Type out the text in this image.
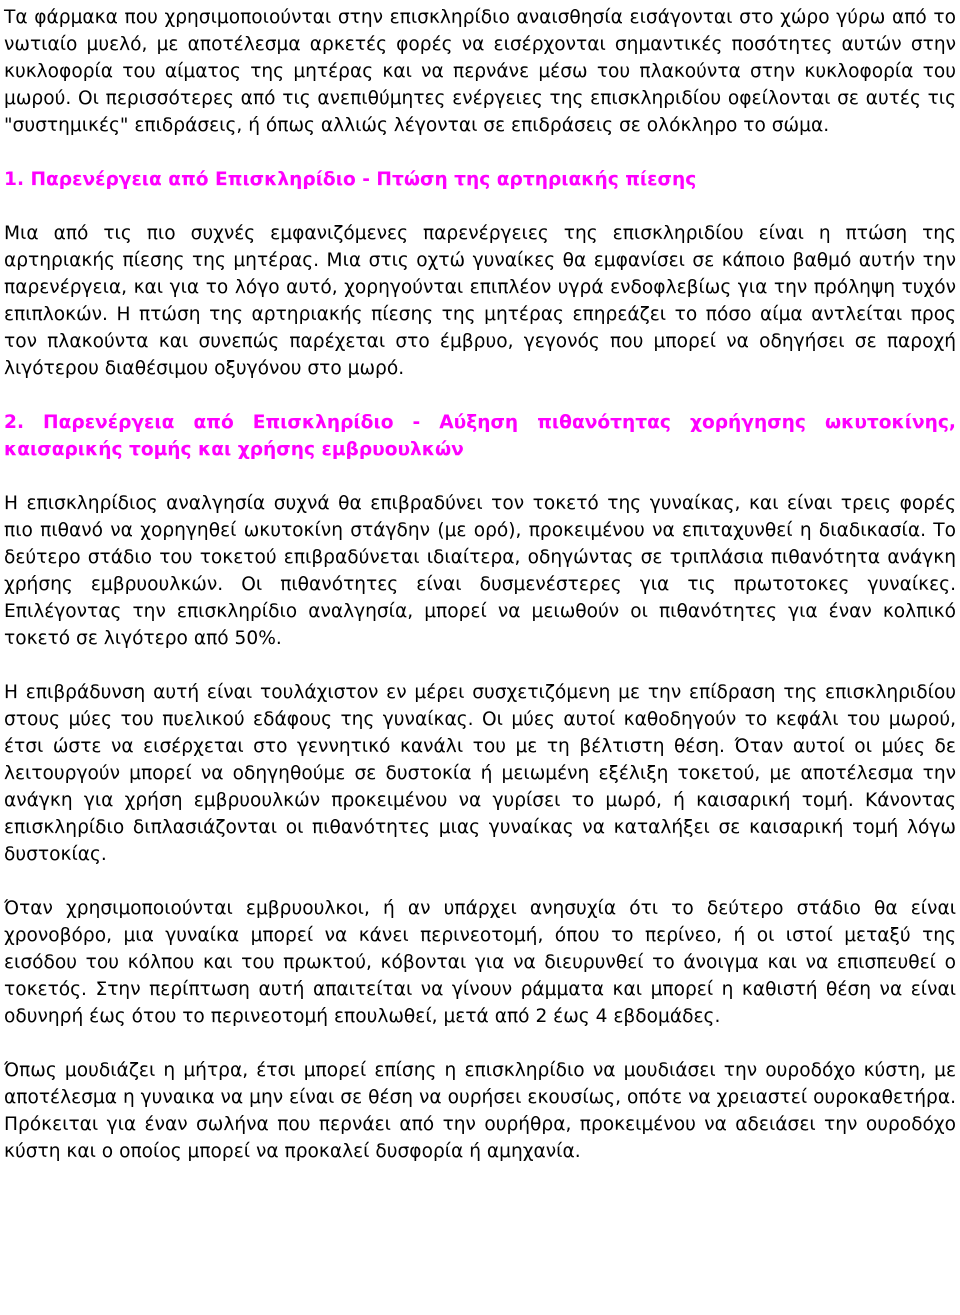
Τα φάρμακα που χρησιμοποιούνται στην επισκληρίδιο αναισθησία εισάγονται στο χώρο γύρω από το νωτιαίο μυελό, με αποτέλεσμα αρκετές φορές να εισέρχονται σημαντικές ποσότητες αυτών στην κυκλοφορία του αίματος της μητέρας και να περνάνε μέσω του πλακούντα στην κυκλοφορία του μωρού. Οι περισσότερες από τις ανεπιθύμητες ενέργειες της επισκληριδίου οφείλονται σε αυτές τις "συστημικές" επιδράσεις, ή όπως αλλιώς λέγονται σε επιδράσεις σε ολόκληρο το σώμα.

1. Παρενέργεια από Επισκληρίδιο - Πτώση της αρτηριακής πίεσης

Μια από τις πιο συχνές εμφανιζόμενες παρενέργειες της επισκληριδίου είναι η πτώση της αρτηριακής πίεσης της μητέρας. Μια στις οχτώ γυναίκες θα εμφανίσει σε κάποιο βαθμό αυτήν την παρενέργεια, και για το λόγο αυτό, χορηγούνται επιπλέον υγρά ενδοφλεβίως για την πρόληψη τυχόν επιπλοκών. Η πτώση της αρτηριακής πίεσης της μητέρας επηρεάζει το πόσο αίμα αντλείται προς τον πλακούντα και συνεπώς παρέχεται στο έμβρυο, γεγονός που μπορεί να οδηγήσει σε παροχή λιγότερου διαθέσιμου οξυγόνου στο μωρό.

2. Παρενέργεια από Επισκληρίδιο - Αύξηση πιθανότητας χορήγησης ωκυτοκίνης, καισαρικής τομής και χρήσης εμβρυουλκών

Η επισκληρίδιος αναλγησία συχνά θα επιβραδύνει τον τοκετό της γυναίκας, και είναι τρεις φορές πιο πιθανό να χορηγηθεί ωκυτοκίνη στάγδην (με ορό), προκειμένου να επιταχυνθεί η διαδικασία. Το δεύτερο στάδιο του τοκετού επιβραδύνεται ιδιαίτερα, οδηγώντας σε τριπλάσια πιθανότητα ανάγκη χρήσης εμβρυουλκών. Οι πιθανότητες είναι δυσμενέστερες για τις πρωτοτοκες γυναίκες. Επιλέγοντας την επισκληρίδιο αναλγησία, μπορεί να μειωθούν οι πιθανότητες για έναν κολπικό τοκετό σε λιγότερο από 50%.

Η επιβράδυνση αυτή είναι τουλάχιστον εν μέρει συσχετιζόμενη με την επίδραση της επισκληριδίου στους μύες του πυελικού εδάφους της γυναίκας. Οι μύες αυτοί καθοδηγούν το κεφάλι του μωρού, έτσι ώστε να εισέρχεται στο γεννητικό κανάλι του με τη βέλτιστη θέση. Όταν αυτοί οι μύες δε λειτουργούν μπορεί να οδηγηθούμε σε δυστοκία ή μειωμένη εξέλιξη τοκετού, με αποτέλεσμα την ανάγκη για χρήση εμβρυουλκών προκειμένου να γυρίσει το μωρό, ή καισαρική τομή. Κάνοντας επισκληρίδιο διπλασιάζονται οι πιθανότητες μιας γυναίκας να καταλήξει σε καισαρική τομή λόγω δυστοκίας.

Όταν χρησιμοποιούνται εμβρυουλκοι, ή αν υπάρχει ανησυχία ότι το δεύτερο στάδιο θα είναι χρονοβόρο, μια γυναίκα μπορεί να κάνει περινεοτομή, όπου το περίνεο, ή οι ιστοί μεταξύ της εισόδου του κόλπου και του πρωκτού, κόβονται για να διευρυνθεί το άνοιγμα και να επισπευθεί ο τοκετός. Στην περίπτωση αυτή απαιτείται να γίνουν ράμματα και μπορεί η καθιστή θέση να είναι οδυνηρή έως ότου το περινεοτομή επουλωθεί, μετά από 2 έως 4 εβδομάδες.

Όπως μουδιάζει η μήτρα, έτσι μπορεί επίσης η επισκληρίδιο να μουδιάσει την ουροδόχο κύστη, με αποτέλεσμα η γυναικα να μην είναι σε θέση να ουρήσει εκουσίως, οπότε να χρειαστεί ουροκαθετήρα. Πρόκειται για έναν σωλήνα που περνάει από την ουρήθρα, προκειμένου να αδειάσει την ουροδόχο κύστη και ο οποίος μπορεί να προκαλεί δυσφορία ή αμηχανία.
